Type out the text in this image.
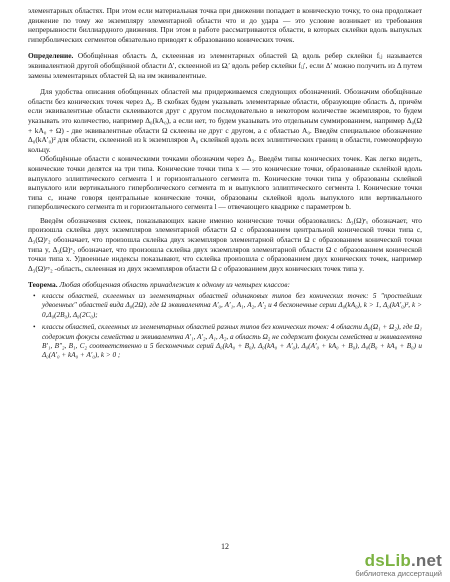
элементарных областях. При этом если материальная точка при движении попадает в коническую точку, то она продолжает движение по тому же экземпляру элементарной области что и до удара — это условие возникает из требования непрерывности биллиардного движения. При этом в работе рассматриваются области, в которых склейки вдоль выпуклых гиперболических сегментов обязательно приводят к образованию конических точек.

Определение. Обобщённая область Δ, склеенная из элементарных областей Ωᵢ вдоль ребер склейки fᵢⱼ называется эквивалентной другой обобщённой области Δ′, склеенной из Ωᵢ′ вдоль ребер склейки fᵢⱼ′, если Δ′ можно получить из Δ путем замены элементарных областей Ωᵢ на им эквивалентные.

Для удобства описания обобщенных областей мы придерживаемся следующих обозначений. Обозначим обобщённые области без конических точек через Δ₀. В скобках будем указывать элементарные области, образующие область Δ, причём если эквивалентные области склеиваются друг с другом последовательно в некотором количестве экземпляров, то будем указывать это количество, например Δ₀(kA₀), а если нет, то будем указывать это отдельным суммированием, например Δ₀(Ω + kA₀ + Ω) - две эквивалентные области Ω склеены не друг с другом, а с областью A₀. Введём специальное обозначение Δ₀(kA′₀)² для области, склеенной из k экземпляров A₀ склейкой вдоль всех эллиптических границ в области, гомеоморфную кольцу.

Обобщённые области с коническими точками обозначим через Δ₃. Введём типы конических точек. Как легко видеть, конические точки делятся на три типа. Конические точки типа x — это конические точки, образованные склейкой вдоль выпуклого эллиптического сегмента l и горизонтального сегмента m. Конические точки типа y образованы склейкой выпуклого или вертикального гиперболического сегмента m и выпуклого эллиптического сегмента l. Конические точки типа c, иначе говоря центральные конические точки, образованы склейкой вдоль выпуклого или вертикального гиперболического сегмента m и горизонтального сегмента l — отвечающего квадрике с параметром b.

Введём обозначения склеек, показывающих какие именно конические точки образовались: Δ₃(Ω)ᵉₓ обозначает, что произошла склейка двух экземпляров элементарной области Ω с образованием центральной конической точки типа c, Δ₃(Ω)ʸ₂ обозначает, что произошла склейка двух экземпляров элементарной области Ω с образованием конической точки типа y, Δ₃(Ω)ˣ₂ обозначает, что произошла склейка двух экземпляров элементарной области Ω с образованием конической точки типа x. Удвоенные индексы показывают, что склейка произошла с образованием двух конических точек, например Δ₃(Ω)ʸʸ₂ -область, склеенная из двух экземпляров области Ω с образованием двух конических точек типа y.

Теорема. Любая обобщенная область принадлежит к одному из четырех классов:

• классы областей, склеенных из элементарных областей одинаковых типов без конических точек: 5 "простейших удвоенных" областей вида Δ₀(2Ω), где Ω эквивалентна A′₀, A′₁, A₁, A₂, A′₂ и 4 бесконечные серии Δ₀(kA₀), k > 1, Δ₀(kA′₀)², k > 0,Δ₀(2B₀), Δ₀(2C₀);
• классы областей, склеенных из элементарных областей разных типов без конических точек: 4 области Δ₀(Ω₁ + Ω₂), где Ω₁ содержит фокусы семейства и эквивалентна A′₁, A′₂, A₁, A₂, а область Ω₂ не содержит фокусы семейства и эквивалентна B′₁, B″₂, B₁, C₂ соответственно и 5 бесконечных серий Δ₀(kA₀ + B₀), Δ₀(kA₀ + A′₀), Δ₀(A′₀ + kA₀ + B₀), Δ₀(B₀ + kA₀ + B₀) и Δ₀(A′₀ + kA₀ + A′₀), k > 0 ;
12
dsLib.net
библиотека диссертаций
